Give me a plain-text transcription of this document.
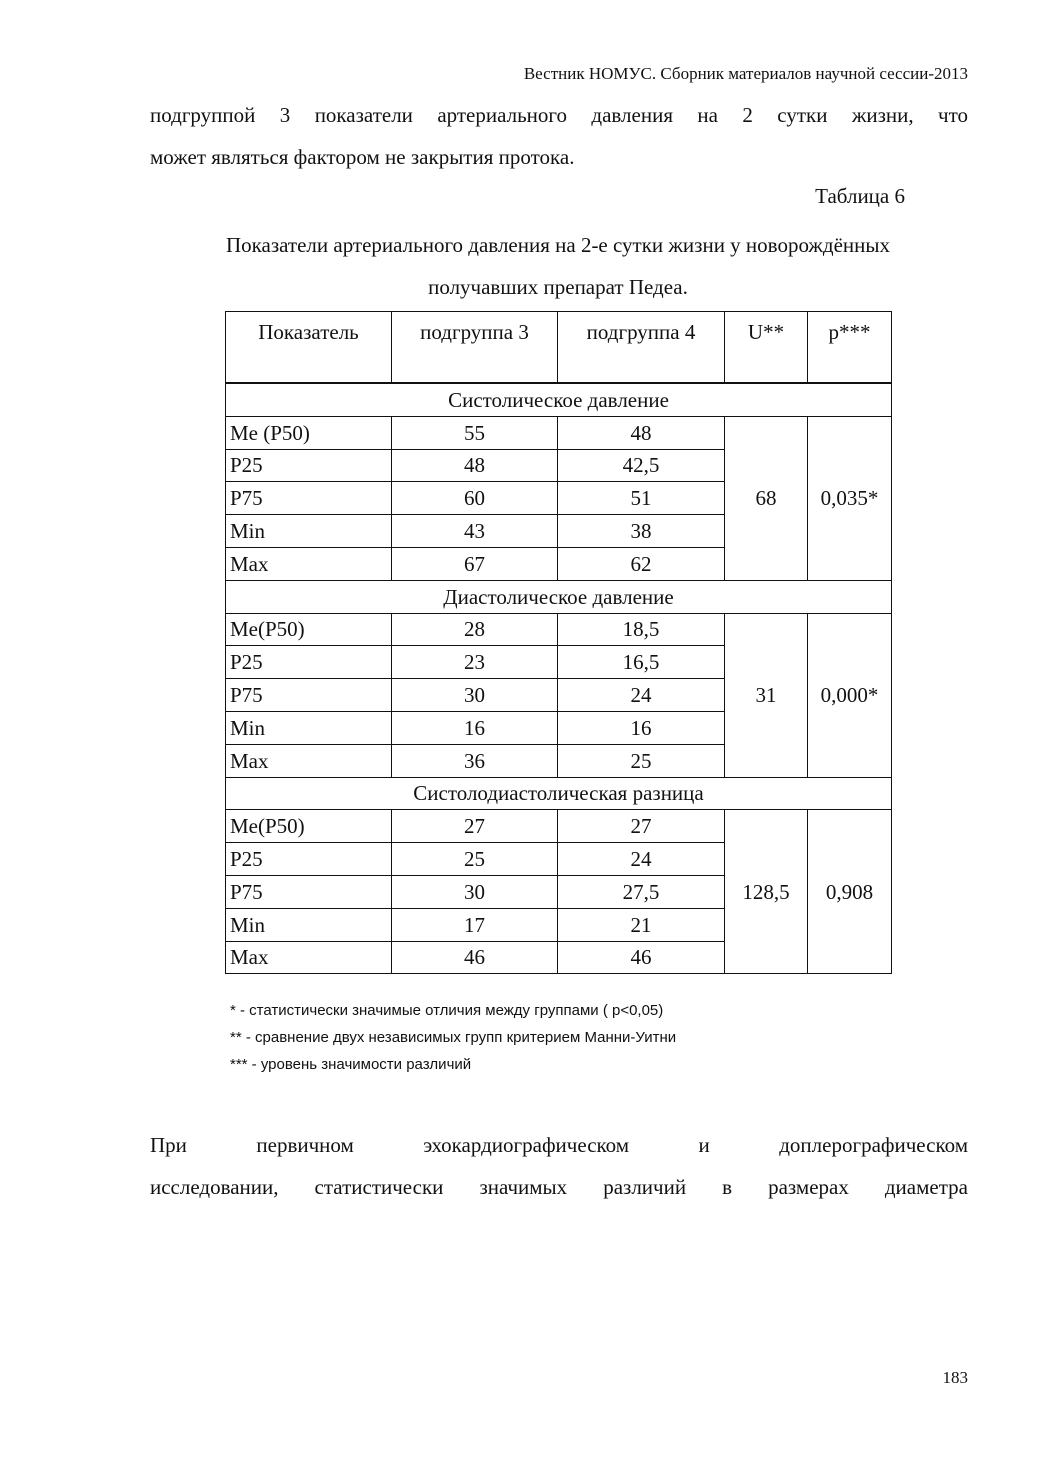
Вестник НОМУС. Сборник материалов научной сессии-2013
подгруппой 3 показатели артериального давления на 2 сутки жизни, что
может являться фактором не закрытия протока.
Таблица 6
Показатели артериального давления на 2-е сутки жизни у новорождённых
получавших препарат Педеа.
Показатель	подгруппа 3	подгруппа 4	U**	p***
Систолическое давление				
Me (P50)	55	48	68	0,035*
P25	48	42,5		
P75	60	51		
Min	43	38		
Max	67	62		
Диастолическое давление				
Me(P50)	28	18,5	31	0,000*
P25	23	16,5		
P75	30	24		
Min	16	16		
Max	36	25		
Систолодиастолическая разница				
Me(P50)	27	27	128,5	0,908
P25	25	24		
P75	30	27,5		
Min	17	21		
Max	46	46		
* - статистически значимые отличия между группами ( p<0,05)
** - сравнение двух независимых групп критерием Манни-Уитни
*** - уровень значимости различий
При первичном эхокардиографическом и доплерографическом
исследовании, статистически значимых различий в размерах диаметра
183
